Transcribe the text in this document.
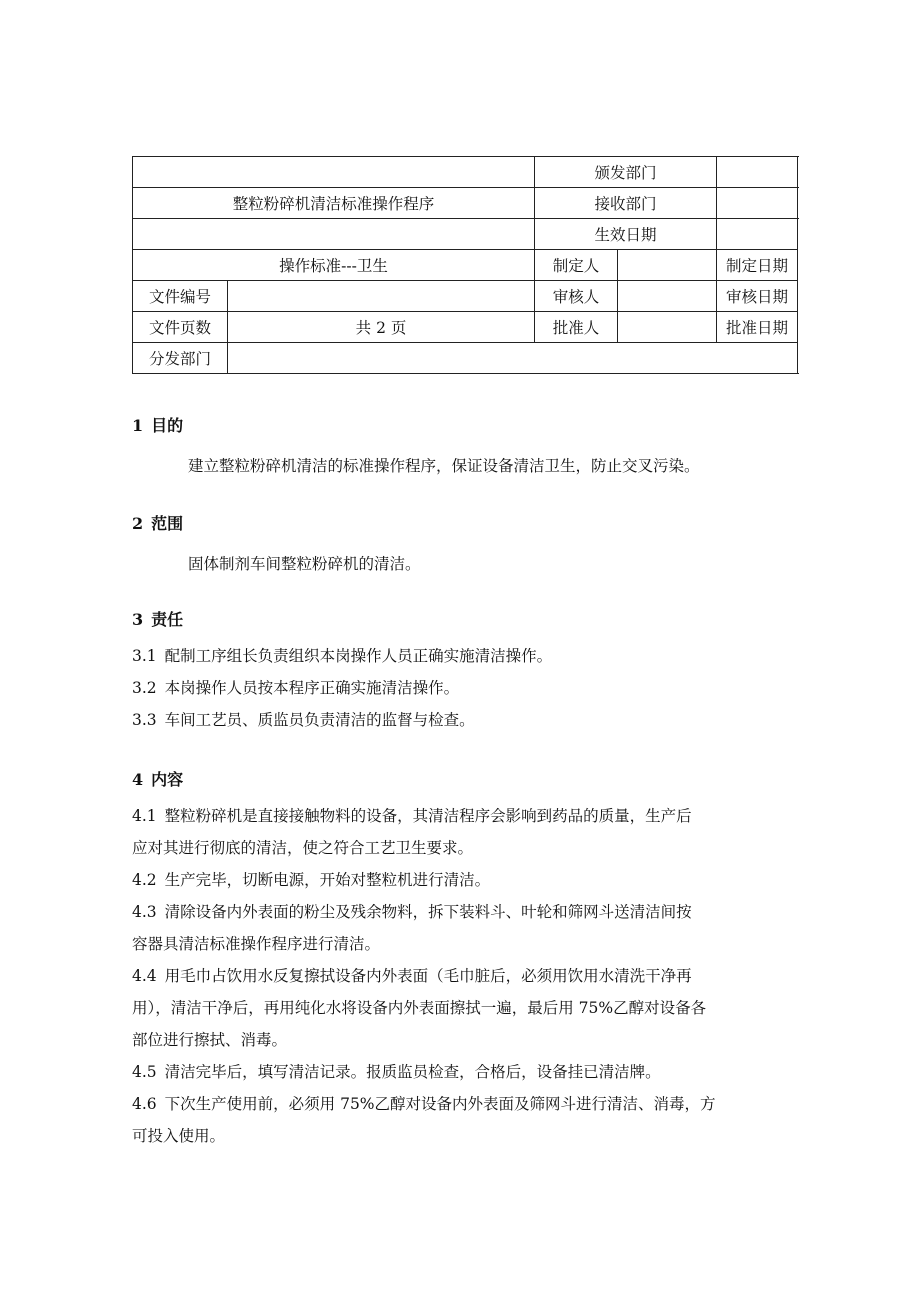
		颁发部门			
整粒粉碎机清洁标准操作程序		接收部门			
		生效日期			
操作标准---卫生		制定人		制定日期	
文件编号		审核人		审核日期	
文件页数	共 2 页	批准人		批准日期	
分发部门					

1 目的

建立整粒粉碎机清洁的标准操作程序，保证设备清洁卫生，防止交叉污染。

2 范围

固体制剂车间整粒粉碎机的清洁。

3 责任

3.1 配制工序组长负责组织本岗操作人员正确实施清洁操作。

3.2 本岗操作人员按本程序正确实施清洁操作。

3.3 车间工艺员、质监员负责清洁的监督与检查。

4 内容

4.1 整粒粉碎机是直接接触物料的设备，其清洁程序会影响到药品的质量，生产后
应对其进行彻底的清洁，使之符合工艺卫生要求。

4.2 生产完毕，切断电源，开始对整粒机进行清洁。

4.3 清除设备内外表面的粉尘及残余物料，拆下装料斗、叶轮和筛网斗送清洁间按
容器具清洁标准操作程序进行清洁。

4.4 用毛巾占饮用水反复擦拭设备内外表面（毛巾脏后，必须用饮用水清洗干净再
用），清洁干净后，再用纯化水将设备内外表面擦拭一遍，最后用 75%乙醇对设备各
部位进行擦拭、消毒。

4.5 清洁完毕后，填写清洁记录。报质监员检查，合格后，设备挂已清洁牌。

4.6 下次生产使用前，必须用 75%乙醇对设备内外表面及筛网斗进行清洁、消毒，方
可投入使用。
